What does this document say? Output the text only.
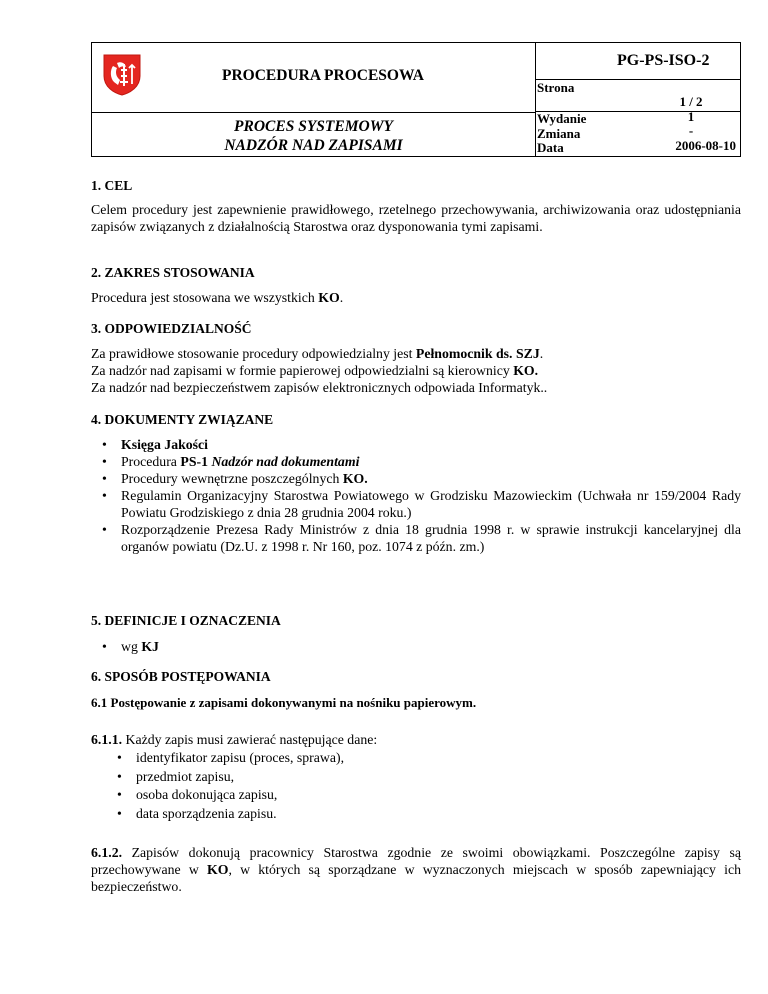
PROCEDURA PROCESOWA
PG-PS-ISO-2
Strona
PROCES SYSTEMOWY
NADZÓR NAD ZAPISAMI
Wydanie
Zmiana
Data
1 / 2
1
-
2006-08-10
1. CEL
Celem procedury jest zapewnienie prawidłowego, rzetelnego przechowywania, archiwizowania oraz udostępniania zapisów związanych z działalnością Starostwa oraz dysponowania tymi zapisami.
2. ZAKRES STOSOWANIA
Procedura jest stosowana we wszystkich KO.
3. ODPOWIEDZIALNOŚĆ
Za prawidłowe stosowanie procedury odpowiedzialny jest Pełnomocnik ds. SZJ.
Za nadzór nad zapisami w formie papierowej odpowiedzialni są kierownicy KO.
Za nadzór nad bezpieczeństwem zapisów elektronicznych odpowiada Informatyk..
4. DOKUMENTY ZWIĄZANE
• Księga Jakości
• Procedura PS-1 Nadzór nad dokumentami
• Procedury wewnętrzne poszczególnych KO.
• Regulamin Organizacyjny Starostwa Powiatowego w Grodzisku Mazowieckim (Uchwała nr 159/2004 Rady Powiatu Grodziskiego z dnia 28 grudnia 2004 roku.)
• Rozporządzenie Prezesa Rady Ministrów z dnia 18 grudnia 1998 r. w sprawie instrukcji kancelaryjnej dla organów powiatu (Dz.U. z 1998 r. Nr 160, poz. 1074 z późn. zm.)
5. DEFINICJE I OZNACZENIA
• wg KJ
6. SPOSÓB POSTĘPOWANIA
6.1 Postępowanie z zapisami dokonywanymi na nośniku papierowym.
6.1.1. Każdy zapis musi zawierać następujące dane:
• identyfikator zapisu (proces, sprawa),
• przedmiot zapisu,
• osoba dokonująca zapisu,
• data sporządzenia zapisu.
6.1.2. Zapisów dokonują pracownicy Starostwa zgodnie ze swoimi obowiązkami. Poszczególne zapisy są przechowywane w KO, w których są sporządzane w wyznaczonych miejscach w sposób zapewniający ich bezpieczeństwo.
